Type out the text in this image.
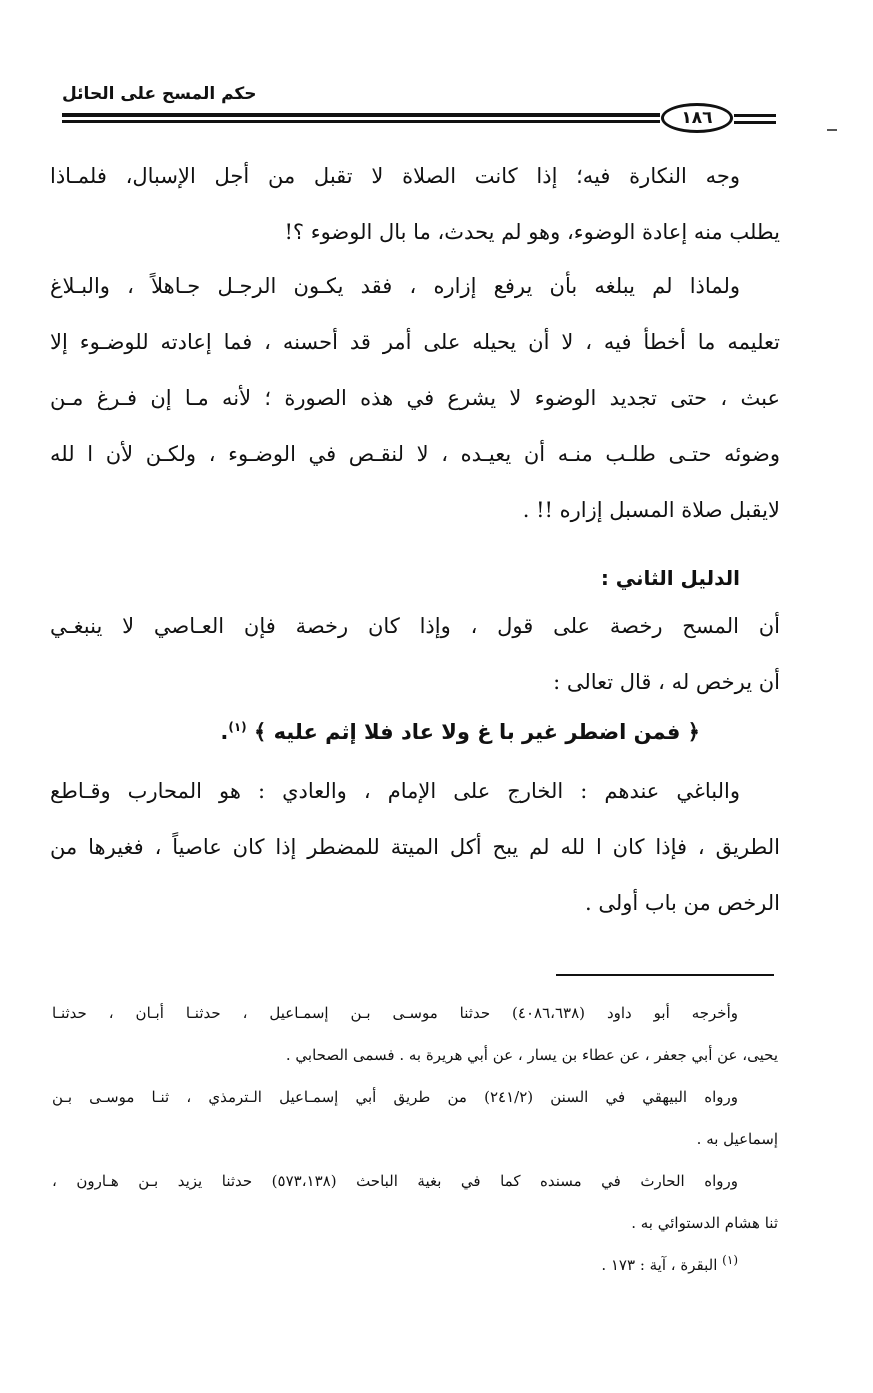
حكم المسح على الحائل
١٨٦
وجه النكارة فيه؛ إذا كانت الصلاة لا تقبل من أجل الإسبال، فلمـاذا
يطلب منه إعادة الوضوء، وهو لم يحدث، ما بال الوضوء ؟!
ولماذا لم يبلغه بأن يرفع إزاره ، فقد يكـون الرجـل جـاهلاً ، والبـلاغ
تعليمه ما أخطأ فيه ، لا أن يحيله على أمر قد أحسنه ، فما إعادته للوضـوء إلا
عبث ، حتى تجديد الوضوء لا يشرع في هذه الصورة ؛ لأنه مـا إن فـرغ مـن
وضوئه حتـى طلـب منـه أن يعيـده ، لا لنقـص في الوضـوء ، ولكـن لأن ا لله
لايقبل صلاة المسبل إزاره !! .
الدليل الثاني :
أن المسح رخصة على قول ، وإذا كان رخصة فإن العـاصي لا ينبغـي
أن يرخص له ، قال تعالى :
﴿ فمن اضطر غير با غ ولا عاد فلا إثم عليه ﴾ $^{(١)}$.
والباغي عندهم : الخارج على الإمام ، والعادي : هو المحارب وقـاطع
الطريق ، فإذا كان ا لله لم يبح أكل الميتة للمضطر إذا كان عاصياً ، فغيرها من
الرخص من باب أولى .
وأخرجه أبو داود (٤٠٨٦،٦٣٨) حدثنا موسـى بـن إسمـاعيل ، حدثنـا أبـان ، حدثنـا
يحيى، عن أبي جعفر ، عن عطاء بن يسار ، عن أبي هريرة به . فسمى الصحابي .
ورواه البيهقي في السنن (٢٤١/٢) من طريق أبي إسمـاعيل الـترمذي ، ثنـا موسـى بـن
إسماعيل به .
ورواه الحارث في مسنده كما في بغية الباحث (٥٧٣،١٣٨) حدثنا يزيد بـن هـارون ،
ثنا هشام الدستوائي به .
$^{(١)}$ البقرة ، آية : ١٧٣ .
